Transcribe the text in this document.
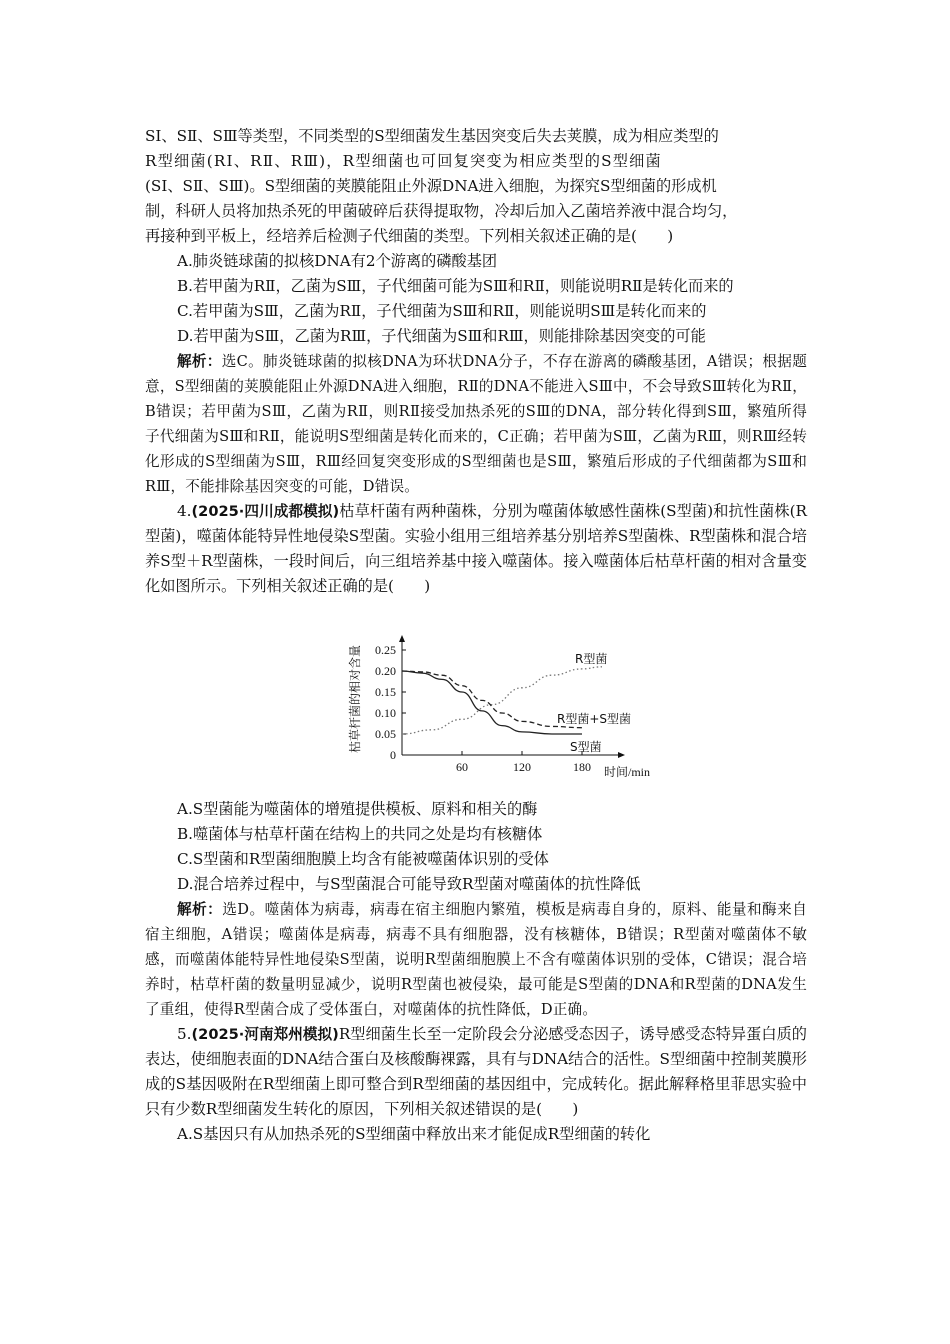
SⅠ、SⅡ、SⅢ等类型，不同类型的S型细菌发生基因突变后失去荚膜，成为相应类型的

R型细菌(RⅠ、RⅡ、RⅢ)，R型细菌也可回复突变为相应类型的S型细菌

(SⅠ、SⅡ、SⅢ)。S型细菌的荚膜能阻止外源DNA进入细胞，为探究S型细菌的形成机

制，科研人员将加热杀死的甲菌破碎后获得提取物，冷却后加入乙菌培养液中混合均匀，

再接种到平板上，经培养后检测子代细菌的类型。下列相关叙述正确的是(　　)

A.肺炎链球菌的拟核DNA有2个游离的磷酸基团

B.若甲菌为RⅡ，乙菌为SⅢ，子代细菌可能为SⅢ和RⅡ，则能说明RⅡ是转化而来的

C.若甲菌为SⅢ，乙菌为RⅡ，子代细菌为SⅢ和RⅡ，则能说明SⅢ是转化而来的

D.若甲菌为SⅢ，乙菌为RⅢ，子代细菌为SⅢ和RⅢ，则能排除基因突变的可能

解析：选C。肺炎链球菌的拟核DNA为环状DNA分子，不存在游离的磷酸基团，A错误；根据题意，S型细菌的荚膜能阻止外源DNA进入细胞，RⅡ的DNA不能进入SⅢ中，不会导致SⅢ转化为RⅡ，B错误；若甲菌为SⅢ，乙菌为RⅡ，则RⅡ接受加热杀死的SⅢ的DNA，部分转化得到SⅢ，繁殖所得子代细菌为SⅢ和RⅡ，能说明S型细菌是转化而来的，C正确；若甲菌为SⅢ，乙菌为RⅢ，则RⅢ经转化形成的S型细菌为SⅢ，RⅢ经回复突变形成的S型细菌也是SⅢ，繁殖后形成的子代细菌都为SⅢ和RⅢ，不能排除基因突变的可能，D错误。

4.(2025·四川成都模拟)枯草杆菌有两种菌株，分别为噬菌体敏感性菌株(S型菌)和抗性菌株(R型菌)，噬菌体能特异性地侵染S型菌。实验小组用三组培养基分别培养S型菌株、R型菌株和混合培养S型＋R型菌株，一段时间后，向三组培养基中接入噬菌体。接入噬菌体后枯草杆菌的相对含量变化如图所示。下列相关叙述正确的是(　　)

枯草杆菌的相对含量
0
0.05
0.10
0.15
0.20
0.25
60	120	180
R型菌
R型菌+S型菌
S型菌
时间/min

A.S型菌能为噬菌体的增殖提供模板、原料和相关的酶

B.噬菌体与枯草杆菌在结构上的共同之处是均有核糖体

C.S型菌和R型菌细胞膜上均含有能被噬菌体识别的受体

D.混合培养过程中，与S型菌混合可能导致R型菌对噬菌体的抗性降低

解析：选D。噬菌体为病毒，病毒在宿主细胞内繁殖，模板是病毒自身的，原料、能量和酶来自宿主细胞，A错误；噬菌体是病毒，病毒不具有细胞器，没有核糖体，B错误；R型菌对噬菌体不敏感，而噬菌体能特异性地侵染S型菌，说明R型菌细胞膜上不含有噬菌体识别的受体，C错误；混合培养时，枯草杆菌的数量明显减少，说明R型菌也被侵染，最可能是S型菌的DNA和R型菌的DNA发生了重组，使得R型菌合成了受体蛋白，对噬菌体的抗性降低，D正确。

5.(2025·河南郑州模拟)R型细菌生长至一定阶段会分泌感受态因子，诱导感受态特异蛋白质的表达，使细胞表面的DNA结合蛋白及核酸酶裸露，具有与DNA结合的活性。S型细菌中控制荚膜形成的S基因吸附在R型细菌上即可整合到R型细菌的基因组中，完成转化。据此解释格里菲思实验中只有少数R型细菌发生转化的原因，下列相关叙述错误的是(　　)

A.S基因只有从加热杀死的S型细菌中释放出来才能促成R型细菌的转化
